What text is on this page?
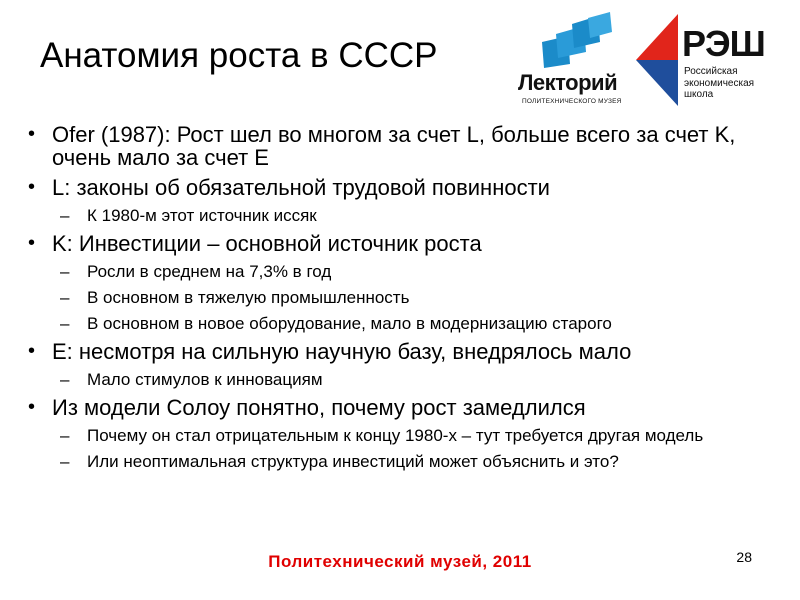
Анатомия роста в СССР
Лекторий
ПОЛИТЕХНИЧЕСКОГО МУЗЕЯ
РЭШ
Российская
экономическая
школа
• Ofer (1987): Рост шел во многом за счет L, больше всего за счет K, очень мало за счет E
• L: законы об обязательной трудовой повинности
– К 1980-м этот источник иссяк
• K: Инвестиции – основной источник роста
– Росли в среднем на 7,3% в год
– В основном в тяжелую промышленность
– В основном в новое оборудование, мало в модернизацию старого
• E: несмотря на сильную научную базу, внедрялось мало
– Мало стимулов к инновациям
• Из модели Солоу понятно, почему рост замедлился
– Почему он стал отрицательным к концу 1980-х – тут требуется другая модель
– Или неоптимальная структура инвестиций может объяснить и это?
Политехнический музей, 2011	28
